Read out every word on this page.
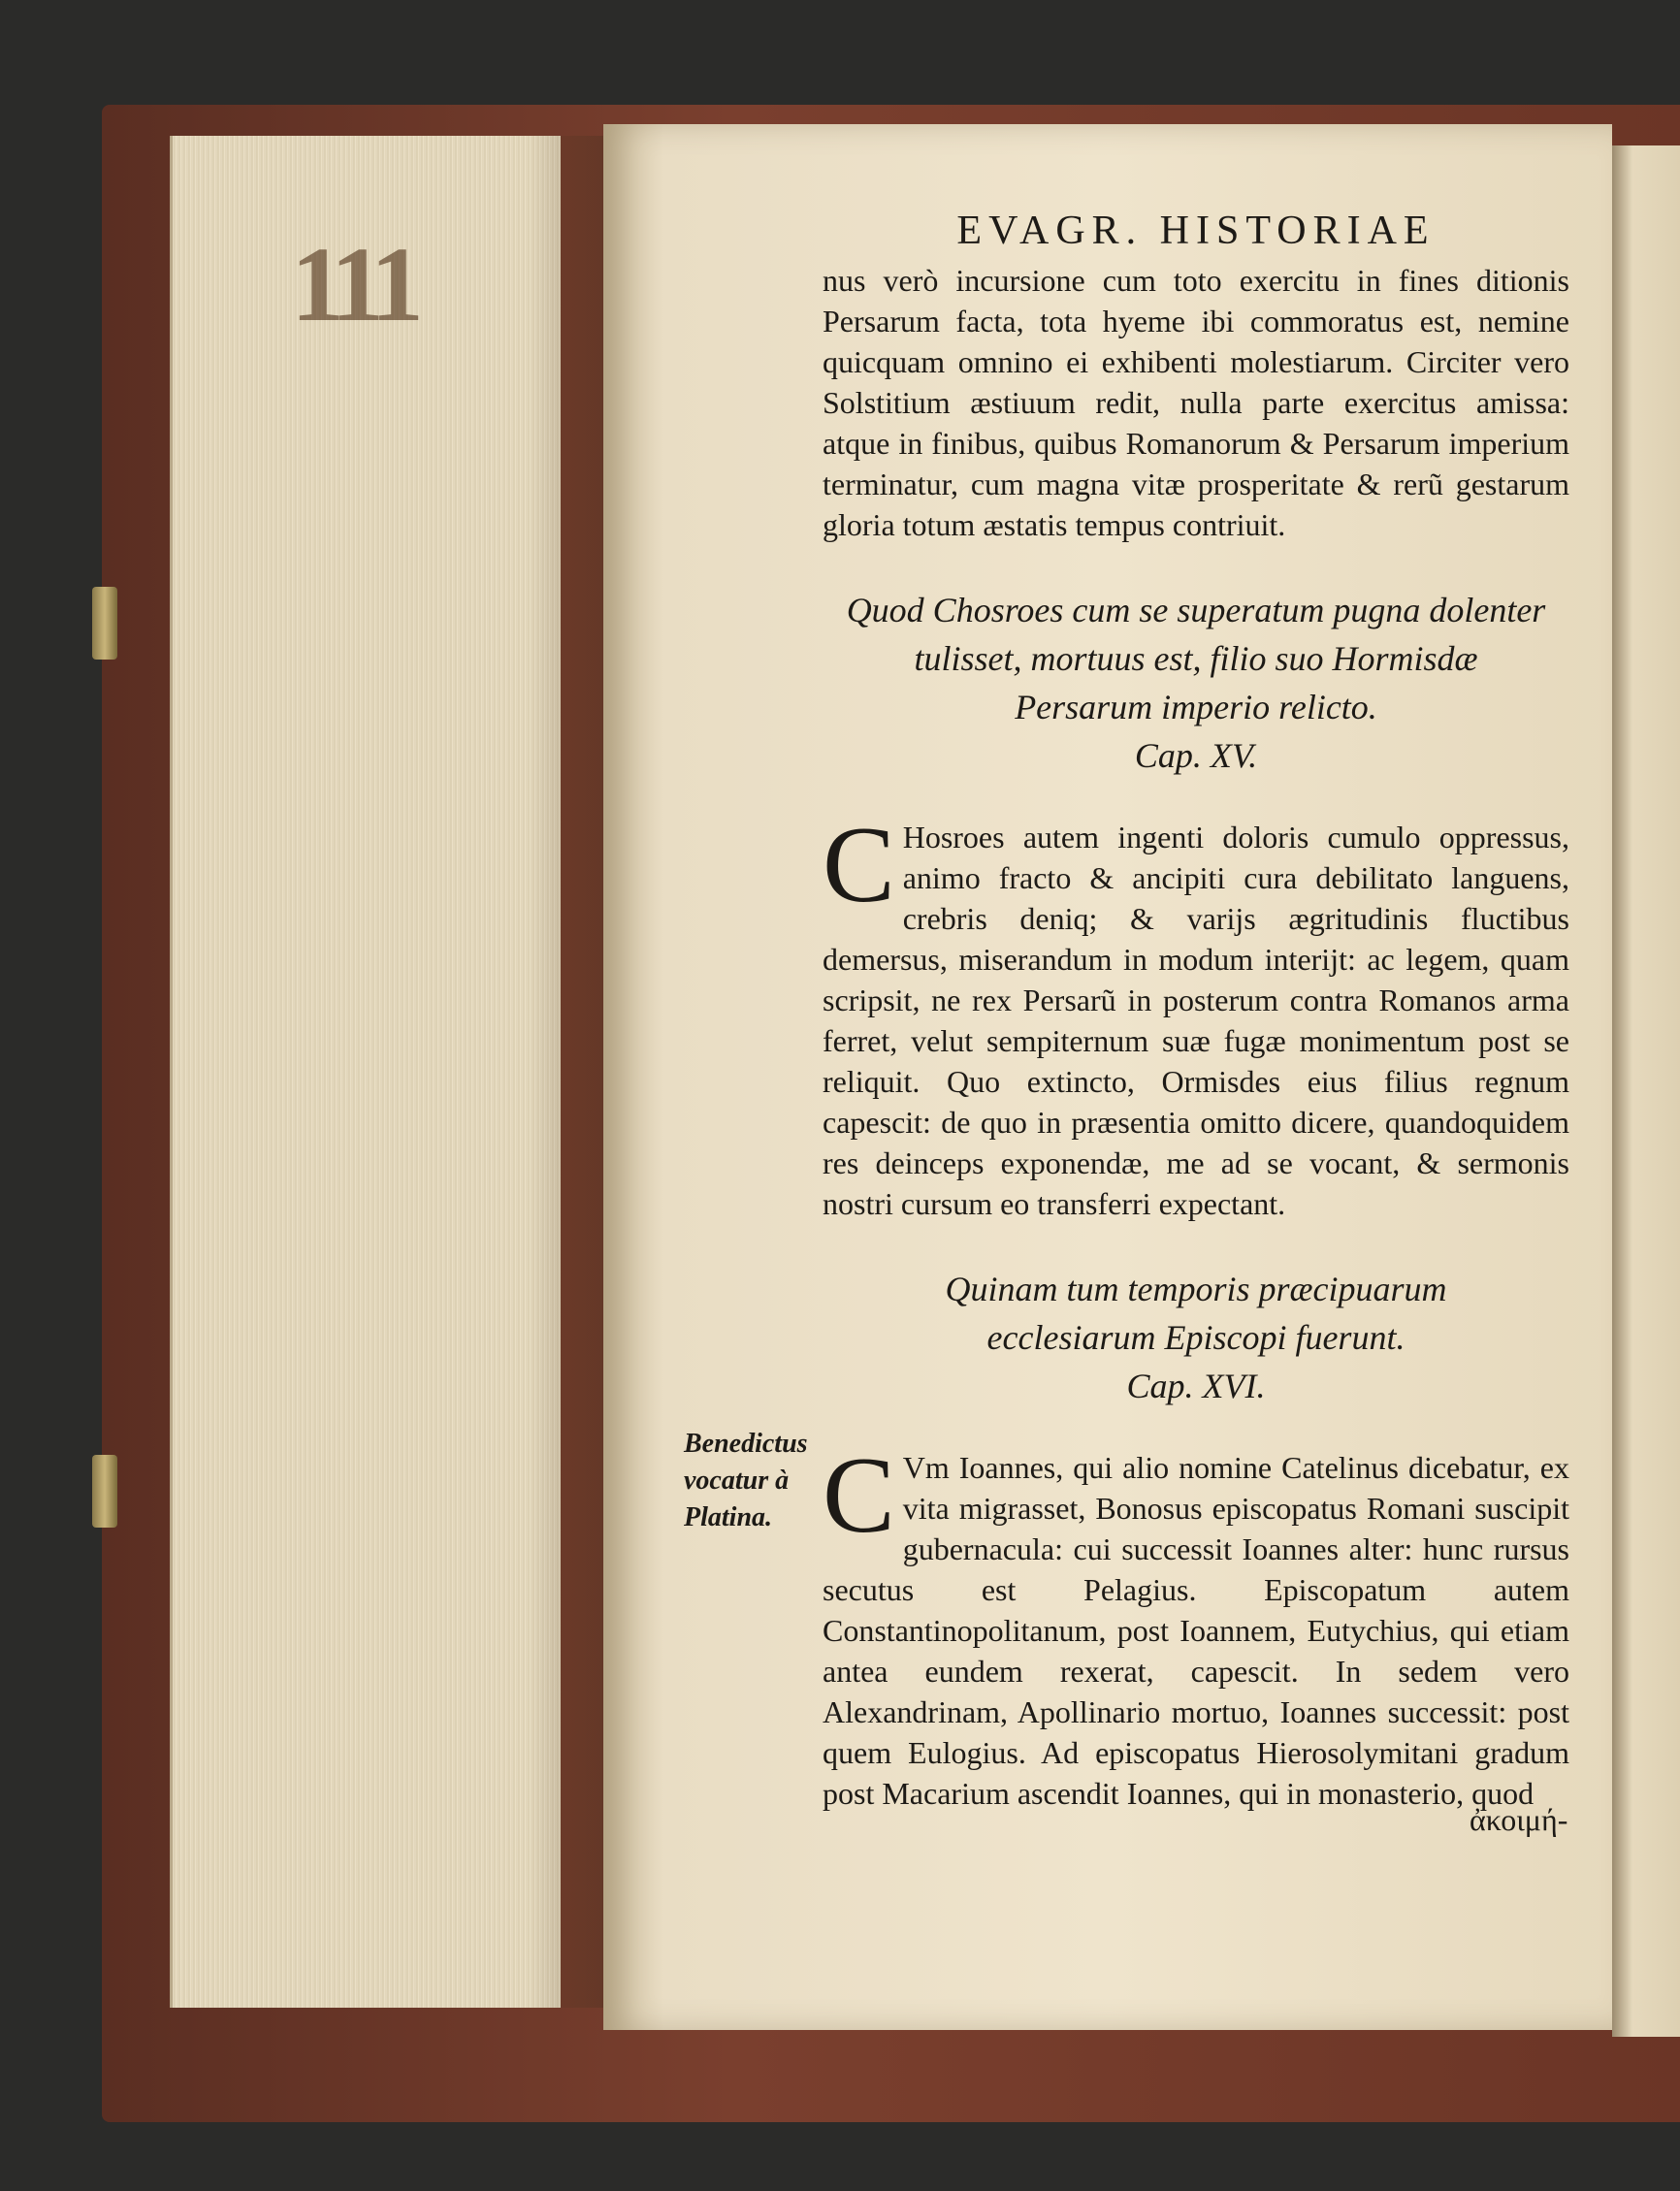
111	EVAGR. HISTORIAE

nus verò incursione cum toto exercitu in fines ditionis Persarum facta, tota hyeme ibi commoratus est, nemine quicquam omnino ei exhibenti molestiarum. Circiter vero Solstitium æstiuum redit, nulla parte exercitus amissa: atque in finibus, quibus Romanorum & Persarum imperium terminatur, cum magna vitæ prosperitate & rerũ gestarum gloria totum æstatis tempus contriuit.

Quod Chosroes cum se superatum pugna dolenter
tulisset, mortuus est, filio suo Hormisdæ
Persarum imperio relicto.
Cap. XV.

C Hosroes autem ingenti doloris cumulo oppressus, animo fracto & ancipiti cura debilitato languens, crebris deniq; & varijs ægritudinis fluctibus demersus, miserandum in modum interijt: ac legem, quam scripsit, ne rex Persarũ in posterum contra Romanos arma ferret, velut sempiternum suæ fugæ monimentum post se reliquit. Quo extincto, Ormisdes eius filius regnum capescit: de quo in præsentia omitto dicere, quandoquidem res deinceps exponendæ, me ad se vocant, & sermonis nostri cursum eo transferri expectant.

Quinam tum temporis præcipuarum
ecclesiarum Episcopi fuerunt.
Cap. XVI.

C Vm Ioannes, qui alio nomine Catelinus dicebatur, ex vita migrasset, Bonosus episcopatus Romani suscipit gubernacula: cui successit Ioannes alter: hunc rursus secutus est Pelagius. Episcopatum autem Constantinopolitanum, post Ioannem, Eutychius, qui etiam antea eundem rexerat, capescit. In sedem vero Alexandrinam, Apollinario mortuo, Ioannes successit: post quem Eulogius. Ad episcopatus Hierosolymitani gradum post Macarium ascendit Ioannes, qui in monasterio, quod

Benedictus vocatur à Platina.
ἀκοιμή-
